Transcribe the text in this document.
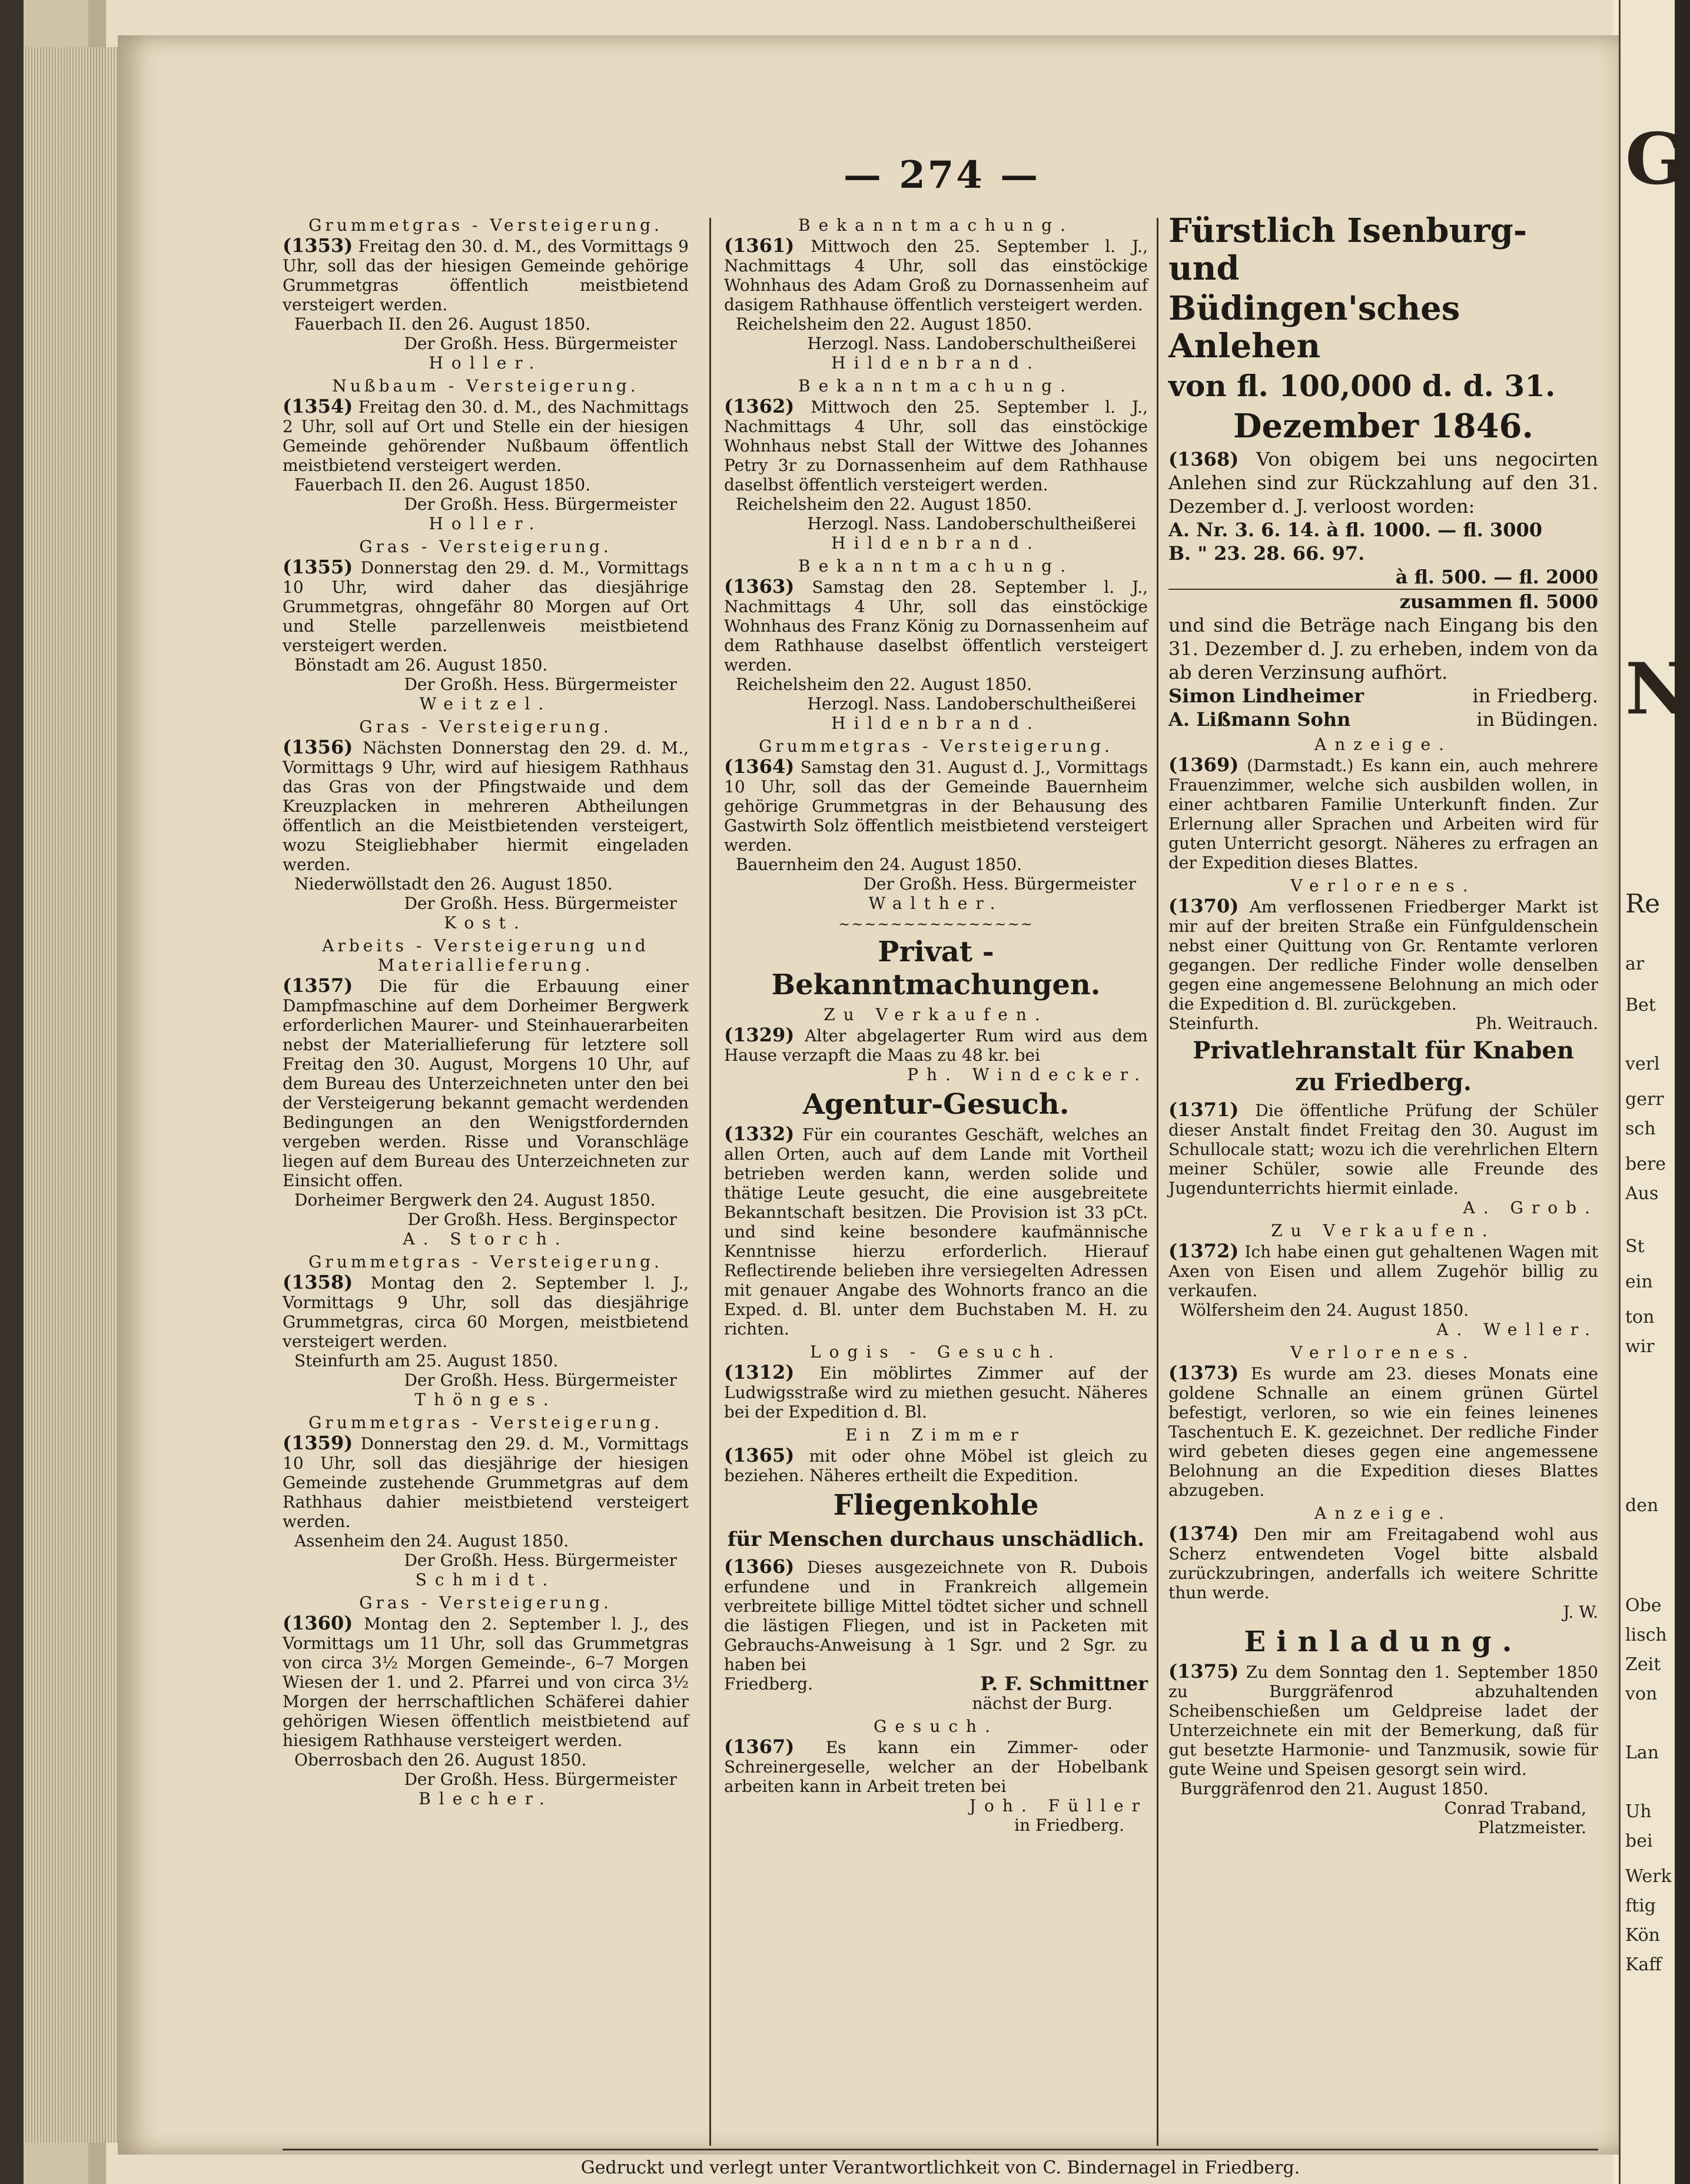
G
N
Re
ar
Bet
verl
gerr
sch
bere
Aus
St
ein
ton
wir
den
Obe
lisch
Zeit
von
Lan
Uh
bei
Werk
ftig
Kön
Kaff
— 274 —
Grummetgras - Versteigerung.
(1353) Freitag den 30. d. M., des Vormittags 9 Uhr, soll das der hiesigen Gemeinde gehörige Grummetgras öffentlich meistbietend versteigert werden.
Fauerbach II. den 26. August 1850.
Der Großh. Hess. Bürgermeister
Holler.
Nußbaum - Versteigerung.
(1354) Freitag den 30. d. M., des Nachmittags 2 Uhr, soll auf Ort und Stelle ein der hiesigen Gemeinde gehörender Nußbaum öffentlich meistbietend versteigert werden.
Fauerbach II. den 26. August 1850.
Der Großh. Hess. Bürgermeister
Holler.
Gras - Versteigerung.
(1355) Donnerstag den 29. d. M., Vormittags 10 Uhr, wird daher das diesjährige Grummetgras, ohngefähr 80 Morgen auf Ort und Stelle parzellenweis meistbietend versteigert werden.
Bönstadt am 26. August 1850.
Der Großh. Hess. Bürgermeister
Weitzel.
Gras - Versteigerung.
(1356) Nächsten Donnerstag den 29. d. M., Vormittags 9 Uhr, wird auf hiesigem Rathhaus das Gras von der Pfingstwaide und dem Kreuzplacken in mehreren Abtheilungen öffentlich an die Meistbietenden versteigert, wozu Steigliebhaber hiermit eingeladen werden.
Niederwöllstadt den 26. August 1850.
Der Großh. Hess. Bürgermeister
Kost.
Arbeits - Versteigerung und Materiallieferung.
(1357) Die für die Erbauung einer Dampfmaschine auf dem Dorheimer Bergwerk erforderlichen Maurer- und Steinhauerarbeiten nebst der Materiallieferung für letztere soll Freitag den 30. August, Morgens 10 Uhr, auf dem Bureau des Unterzeichneten unter den bei der Versteigerung bekannt gemacht werdenden Bedingungen an den Wenigstfordernden vergeben werden. Risse und Voranschläge liegen auf dem Bureau des Unterzeichneten zur Einsicht offen.
Dorheimer Bergwerk den 24. August 1850.
Der Großh. Hess. Berginspector
A. Storch.
Grummetgras - Versteigerung.
(1358) Montag den 2. September l. J., Vormittags 9 Uhr, soll das diesjährige Grummetgras, circa 60 Morgen, meistbietend versteigert werden.
Steinfurth am 25. August 1850.
Der Großh. Hess. Bürgermeister
Thönges.
Grummetgras - Versteigerung.
(1359) Donnerstag den 29. d. M., Vormittags 10 Uhr, soll das diesjährige der hiesigen Gemeinde zustehende Grummetgras auf dem Rathhaus dahier meistbietend versteigert werden.
Assenheim den 24. August 1850.
Der Großh. Hess. Bürgermeister
Schmidt.
Gras - Versteigerung.
(1360) Montag den 2. September l. J., des Vormittags um 11 Uhr, soll das Grummetgras von circa 3½ Morgen Gemeinde-, 6–7 Morgen Wiesen der 1. und 2. Pfarrei und von circa 3½ Morgen der herrschaftlichen Schäferei dahier gehörigen Wiesen öffentlich meistbietend auf hiesigem Rathhause versteigert werden.
Oberrosbach den 26. August 1850.
Der Großh. Hess. Bürgermeister
Blecher.
Bekanntmachung.
(1361) Mittwoch den 25. September l. J., Nachmittags 4 Uhr, soll das einstöckige Wohnhaus des Adam Groß zu Dornassenheim auf dasigem Rathhause öffentlich versteigert werden.
Reichelsheim den 22. August 1850.
Herzogl. Nass. Landoberschultheißerei
Hildenbrand.
Bekanntmachung.
(1362) Mittwoch den 25. September l. J., Nachmittags 4 Uhr, soll das einstöckige Wohnhaus nebst Stall der Wittwe des Johannes Petry 3r zu Dornassenheim auf dem Rathhause daselbst öffentlich versteigert werden.
Reichelsheim den 22. August 1850.
Herzogl. Nass. Landoberschultheißerei
Hildenbrand.
Bekanntmachung.
(1363) Samstag den 28. September l. J., Nachmittags 4 Uhr, soll das einstöckige Wohnhaus des Franz König zu Dornassenheim auf dem Rathhause daselbst öffentlich versteigert werden.
Reichelsheim den 22. August 1850.
Herzogl. Nass. Landoberschultheißerei
Hildenbrand.
Grummetgras - Versteigerung.
(1364) Samstag den 31. August d. J., Vormittags 10 Uhr, soll das der Gemeinde Bauernheim gehörige Grummetgras in der Behausung des Gastwirth Solz öffentlich meistbietend versteigert werden.
Bauernheim den 24. August 1850.
Der Großh. Hess. Bürgermeister
Walther.
~~~~~~~~~~~~~~~
Privat - Bekanntmachungen.
Zu Verkaufen.
(1329) Alter abgelagerter Rum wird aus dem Hause verzapft die Maas zu 48 kr. bei
Ph. Windecker.
Agentur-Gesuch.
(1332) Für ein courantes Geschäft, welches an allen Orten, auch auf dem Lande mit Vortheil betrieben werden kann, werden solide und thätige Leute gesucht, die eine ausgebreitete Bekanntschaft besitzen. Die Provision ist 33 pCt. und sind keine besondere kaufmännische Kenntnisse hierzu erforderlich. Hierauf Reflectirende belieben ihre versiegelten Adressen mit genauer Angabe des Wohnorts franco an die Exped. d. Bl. unter dem Buchstaben M. H. zu richten.
Logis - Gesuch.
(1312) Ein möblirtes Zimmer auf der Ludwigsstraße wird zu miethen gesucht. Näheres bei der Expedition d. Bl.
Ein Zimmer
(1365) mit oder ohne Möbel ist gleich zu beziehen. Näheres ertheilt die Expedition.
Fliegenkohle
für Menschen durchaus unschädlich.
(1366) Dieses ausgezeichnete von R. Dubois erfundene und in Frankreich allgemein verbreitete billige Mittel tödtet sicher und schnell die lästigen Fliegen, und ist in Packeten mit Gebrauchs-Anweisung à 1 Sgr. und 2 Sgr. zu haben bei
Friedberg.	P. F. Schmittner
nächst der Burg.
Gesuch.
(1367) Es kann ein Zimmer- oder Schreinergeselle, welcher an der Hobelbank arbeiten kann in Arbeit treten bei
Joh. Füller
in Friedberg.
Fürstlich Isenburg- und
Büdingen'sches Anlehen
von fl. 100,000 d. d. 31.
Dezember 1846.
(1368) Von obigem bei uns negocirten Anlehen sind zur Rückzahlung auf den 31. Dezember d. J. verloost worden:
A. Nr. 3. 6. 14. à fl. 1000. — fl. 3000
B. " 23. 28. 66. 97.
à fl. 500. — fl. 2000
zusammen fl. 5000
und sind die Beträge nach Eingang bis den 31. Dezember d. J. zu erheben, indem von da ab deren Verzinsung aufhört.
Simon Lindheimer	in Friedberg.
A. Lißmann Sohn	in Büdingen.
Anzeige.
(1369) (Darmstadt.) Es kann ein, auch mehrere Frauenzimmer, welche sich ausbilden wollen, in einer achtbaren Familie Unterkunft finden. Zur Erlernung aller Sprachen und Arbeiten wird für guten Unterricht gesorgt. Näheres zu erfragen an der Expedition dieses Blattes.
Verlorenes.
(1370) Am verflossenen Friedberger Markt ist mir auf der breiten Straße ein Fünfguldenschein nebst einer Quittung von Gr. Rentamte verloren gegangen. Der redliche Finder wolle denselben gegen eine angemessene Belohnung an mich oder die Expedition d. Bl. zurückgeben.
Steinfurth.	Ph. Weitrauch.
Privatlehranstalt für Knaben
zu Friedberg.
(1371) Die öffentliche Prüfung der Schüler dieser Anstalt findet Freitag den 30. August im Schullocale statt; wozu ich die verehrlichen Eltern meiner Schüler, sowie alle Freunde des Jugendunterrichts hiermit einlade.
A. Grob.
Zu Verkaufen.
(1372) Ich habe einen gut gehaltenen Wagen mit Axen von Eisen und allem Zugehör billig zu verkaufen.
Wölfersheim den 24. August 1850.
A. Weller.
Verlorenes.
(1373) Es wurde am 23. dieses Monats eine goldene Schnalle an einem grünen Gürtel befestigt, verloren, so wie ein feines leinenes Taschentuch E. K. gezeichnet. Der redliche Finder wird gebeten dieses gegen eine angemessene Belohnung an die Expedition dieses Blattes abzugeben.
Anzeige.
(1374) Den mir am Freitagabend wohl aus Scherz entwendeten Vogel bitte alsbald zurückzubringen, anderfalls ich weitere Schritte thun werde.
J. W.
Einladung.
(1375) Zu dem Sonntag den 1. September 1850 zu Burggräfenrod abzuhaltenden Scheibenschießen um Geldpreise ladet der Unterzeichnete ein mit der Bemerkung, daß für gut besetzte Harmonie- und Tanzmusik, sowie für gute Weine und Speisen gesorgt sein wird.
Burggräfenrod den 21. August 1850.
Conrad Traband,
Platzmeister.
Gedruckt und verlegt unter Verantwortlichkeit von C. Bindernagel in Friedberg.
